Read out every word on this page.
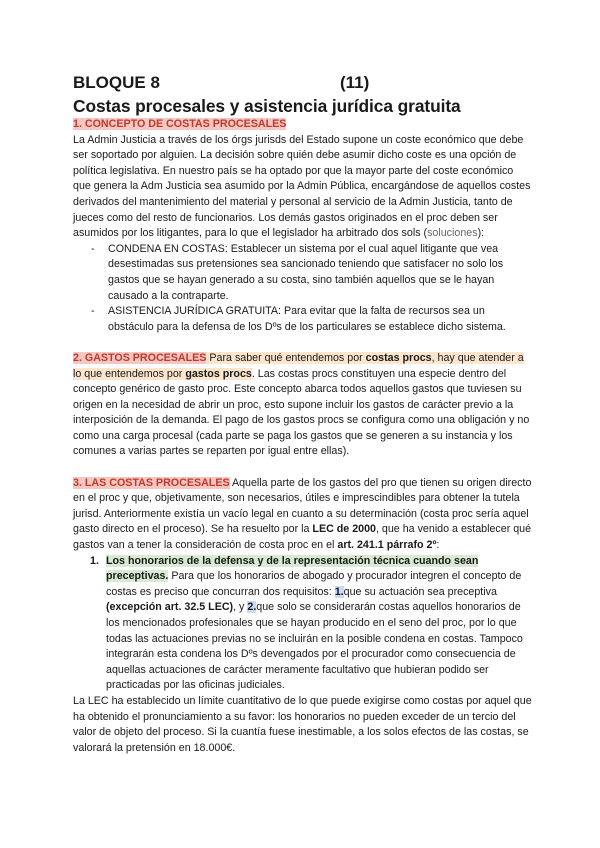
BLOQUE 8	(11)
Costas procesales y asistencia jurídica gratuita
1. CONCEPTO DE COSTAS PROCESALES
La Admin Justicia a través de los órgs jurisds del Estado supone un coste económico que debe ser soportado por alguien. La decisión sobre quién debe asumir dicho coste es una opción de política legislativa. En nuestro país se ha optado por que la mayor parte del coste económico que genera la Adm Justicia sea asumido por la Admin Pública, encargándose de aquellos costes derivados del mantenimiento del material y personal al servicio de la Admin Justicia, tanto de jueces como del resto de funcionarios. Los demás gastos originados en el proc deben ser asumidos por los litigantes, para lo que el legislador ha arbitrado dos sols (soluciones):
- CONDENA EN COSTAS: Establecer un sistema por el cual aquel litigante que vea desestimadas sus pretensiones sea sancionado teniendo que satisfacer no solo los gastos que se hayan generado a su costa, sino también aquellos que se le hayan causado a la contraparte.
- ASISTENCIA JURÍDICA GRATUITA: Para evitar que la falta de recursos sea un obstáculo para la defensa de los Dºs de los particulares se establece dicho sistema.
2. GASTOS PROCESALES Para saber qué entendemos por costas procs, hay que atender a lo que entendemos por gastos procs. Las costas procs constituyen una especie dentro del concepto genérico de gasto proc. Este concepto abarca todos aquellos gastos que tuviesen su origen en la necesidad de abrir un proc, esto supone incluir los gastos de carácter previo a la interposición de la demanda. El pago de los gastos procs se configura como una obligación y no como una carga procesal (cada parte se paga los gastos que se generen a su instancia y los comunes a varias partes se reparten por igual entre ellas).
3. LAS COSTAS PROCESALES Aquella parte de los gastos del pro que tienen su origen directo en el proc y que, objetivamente, son necesarios, útiles e imprescindibles para obtener la tutela jurisd. Anteriormente existía un vacío legal en cuanto a su determinación (costa proc sería aquel gasto directo en el proceso). Se ha resuelto por la LEC de 2000, que ha venido a establecer qué gastos van a tener la consideración de costa proc en el art. 241.1 párrafo 2º:
1. Los honorarios de la defensa y de la representación técnica cuando sean preceptivas. Para que los honorarios de abogado y procurador integren el concepto de costas es preciso que concurran dos requisitos: 1.que su actuación sea preceptiva (excepción art. 32.5 LEC), y 2.que solo se considerarán costas aquellos honorarios de los mencionados profesionales que se hayan producido en el seno del proc, por lo que todas las actuaciones previas no se incluirán en la posible condena en costas. Tampoco integrarán esta condena los Dºs devengados por el procurador como consecuencia de aquellas actuaciones de carácter meramente facultativo que hubieran podido ser practicadas por las oficinas judiciales.
La LEC ha establecido un límite cuantitativo de lo que puede exigirse como costas por aquel que ha obtenido el pronunciamiento a su favor: los honorarios no pueden exceder de un tercio del valor de objeto del proceso. Si la cuantía fuese inestimable, a los solos efectos de las costas, se valorará la pretensión en 18.000€.
